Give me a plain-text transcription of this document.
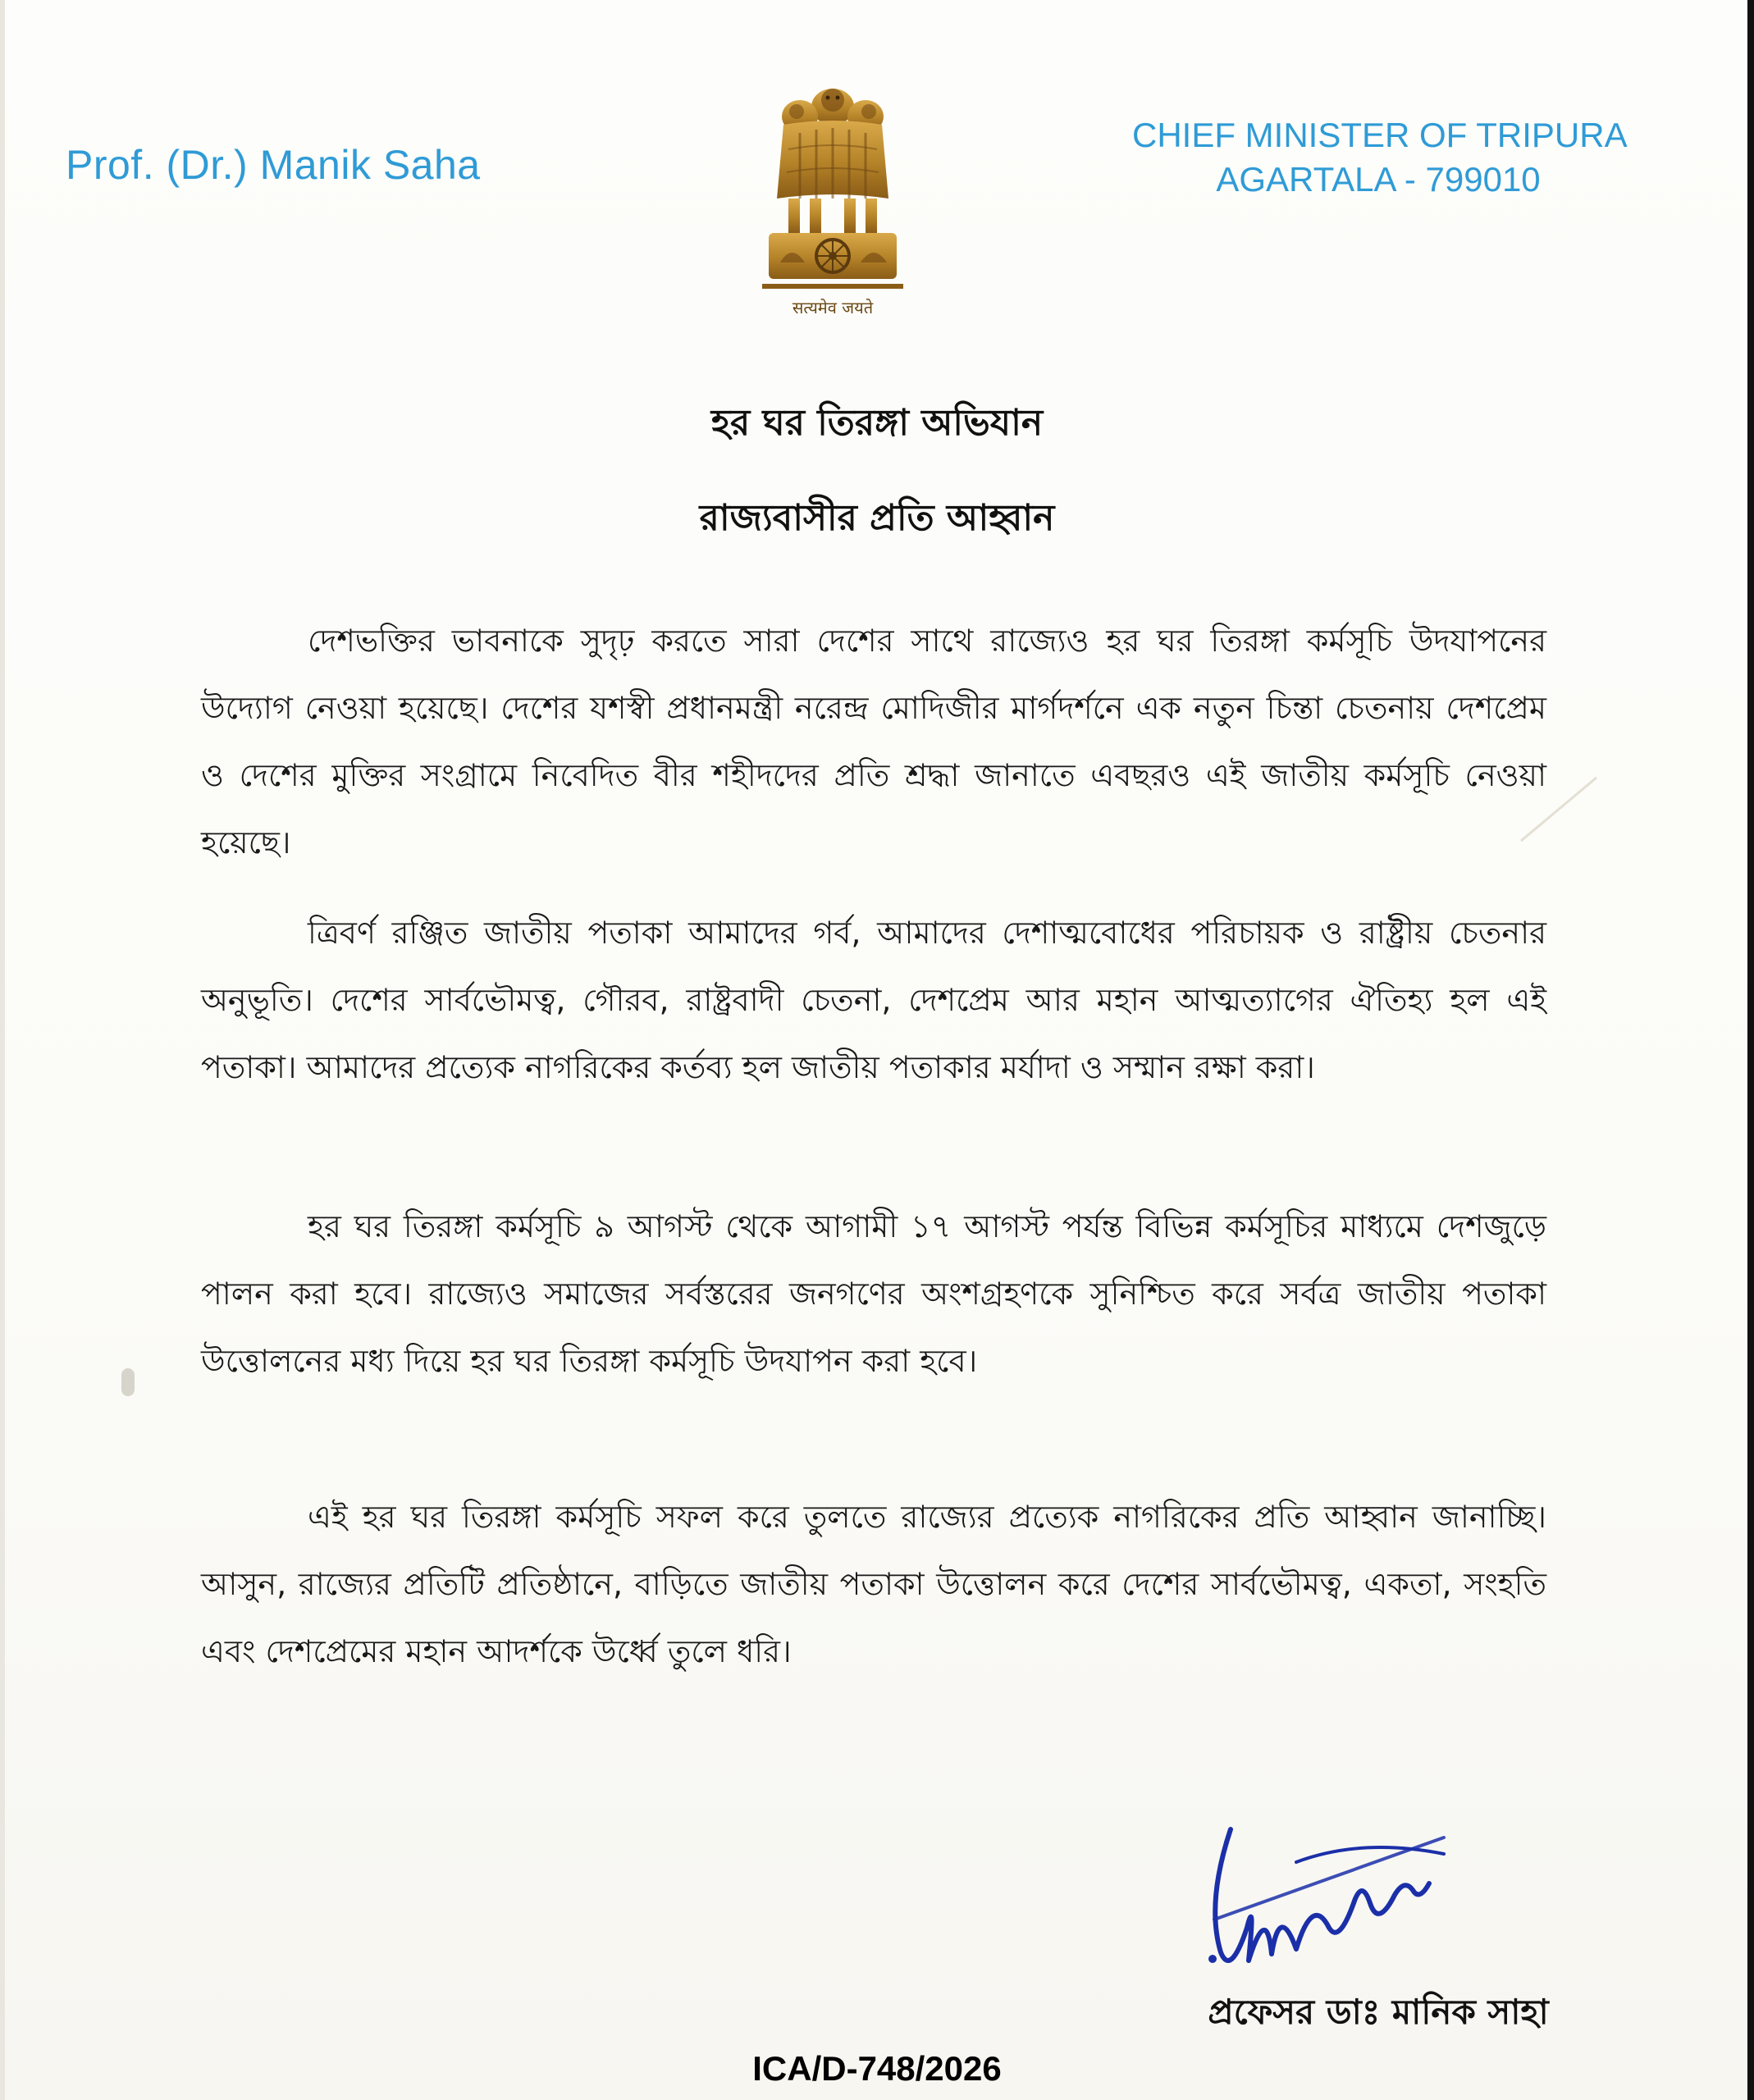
Prof. (Dr.) Manik Saha
सत्यमेव जयते
CHIEF MINISTER OF TRIPURA
AGARTALA - 799010
হর ঘর তিরঙ্গা অভিযান
রাজ্যবাসীর প্রতি আহ্বান

দেশভক্তির ভাবনাকে সুদৃঢ় করতে সারা দেশের সাথে রাজ্যেও হর ঘর তিরঙ্গা কর্মসূচি উদযাপনের উদ্যোগ নেওয়া হয়েছে। দেশের যশস্বী প্রধানমন্ত্রী নরেন্দ্র মোদিজীর মার্গদর্শনে এক নতুন চিন্তা চেতনায় দেশপ্রেম ও দেশের মুক্তির সংগ্রামে নিবেদিত বীর শহীদদের প্রতি শ্রদ্ধা জানাতে এবছরও এই জাতীয় কর্মসূচি নেওয়া হয়েছে।

ত্রিবর্ণ রঞ্জিত জাতীয় পতাকা আমাদের গর্ব, আমাদের দেশাত্মবোধের পরিচায়ক ও রাষ্ট্রীয় চেতনার অনুভূতি। দেশের সার্বভৌমত্ব, গৌরব, রাষ্ট্রবাদী চেতনা, দেশপ্রেম আর মহান আত্মত্যাগের ঐতিহ্য হল এই পতাকা। আমাদের প্রত্যেক নাগরিকের কর্তব্য হল জাতীয় পতাকার মর্যাদা ও সম্মান রক্ষা করা।

হর ঘর তিরঙ্গা কর্মসূচি ৯ আগস্ট থেকে আগামী ১৭ আগস্ট পর্যন্ত বিভিন্ন কর্মসূচির মাধ্যমে দেশজুড়ে পালন করা হবে। রাজ্যেও সমাজের সর্বস্তরের জনগণের অংশগ্রহণকে সুনিশ্চিত করে সর্বত্র জাতীয় পতাকা উত্তোলনের মধ্য দিয়ে হর ঘর তিরঙ্গা কর্মসূচি উদযাপন করা হবে।

এই হর ঘর তিরঙ্গা কর্মসূচি সফল করে তুলতে রাজ্যের প্রত্যেক নাগরিকের প্রতি আহ্বান জানাচ্ছি। আসুন, রাজ্যের প্রতিটি প্রতিষ্ঠানে, বাড়িতে জাতীয় পতাকা উত্তোলন করে দেশের সার্বভৌমত্ব, একতা, সংহতি এবং দেশপ্রেমের মহান আদর্শকে উর্ধ্বে তুলে ধরি।

প্রফেসর ডাঃ মানিক সাহা
ICA/D-748/2026
